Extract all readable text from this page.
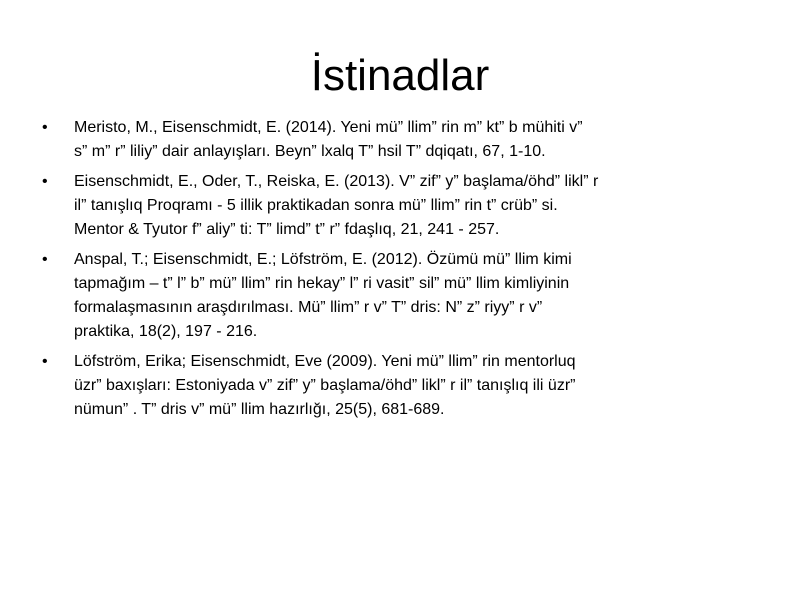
İstinadlar
•	Meristo, M., Eisenschmidt, E. (2014). Yeni mü” llim” rin m” kt” b mühiti v”
s” m” r” liliy” dair anlayışları. Beyn” lxalq T” hsil T” dqiqatı, 67, 1-10.
•	Eisenschmidt, E., Oder, T., Reiska, E. (2013). V” zif” y” başlama/öhd” likl” r
il” tanışlıq Proqramı - 5 illik praktikadan sonra mü” llim” rin t” crüb” si.
Mentor & Tyutor f” aliy” ti: T” limd” t” r” fdaşlıq, 21, 241 - 257.
•	Anspal, T.; Eisenschmidt, E.; Löfström, E. (2012). Özümü mü” llim kimi
tapmağım – t” l” b” mü” llim” rin hekay” l” ri vasit” sil” mü” llim kimliyinin
formalaşmasının araşdırılması. Mü” llim” r v” T” dris: N” z” riyy” r v”
praktika, 18(2), 197 - 216.
•	Löfström, Erika; Eisenschmidt, Eve (2009). Yeni mü” llim” rin mentorluq
üzr” baxışları: Estoniyada v” zif” y” başlama/öhd” likl” r il” tanışlıq ili üzr”
nümun” . T” dris v” mü” llim hazırlığı, 25(5), 681-689.
